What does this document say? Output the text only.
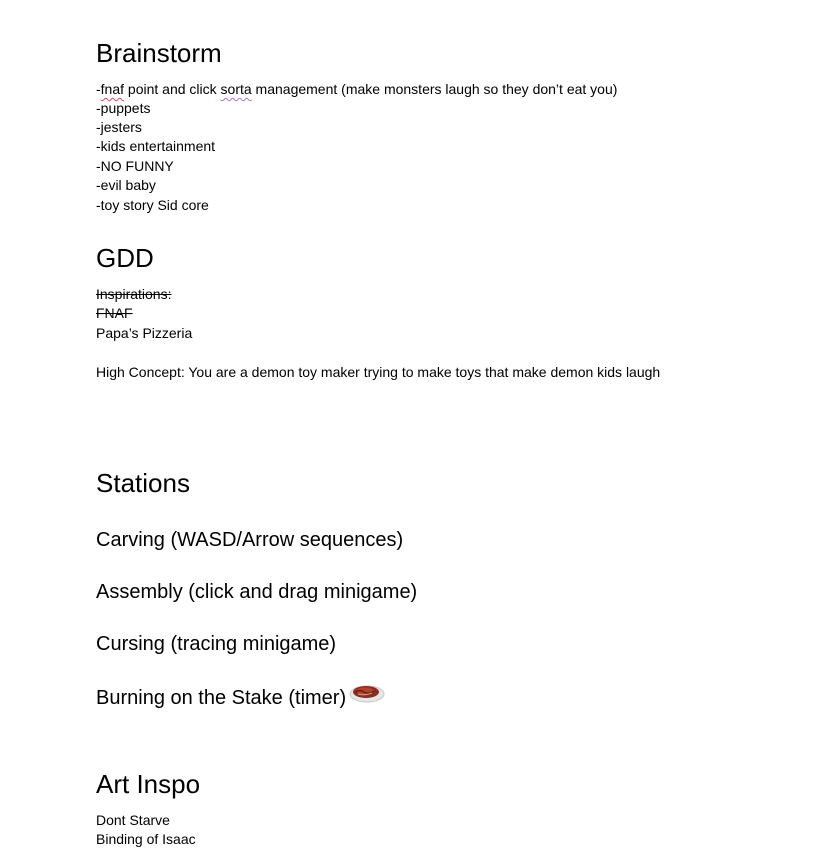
Brainstorm
-fnaf point and click sorta management (make monsters laugh so they don’t eat you)
-puppets
-jesters
-kids entertainment
-NO FUNNY
-evil baby
-toy story Sid core
GDD
Inspirations:
FNAF
Papa’s Pizzeria
High Concept: You are a demon toy maker trying to make toys that make demon kids laugh
Stations
Carving (WASD/Arrow sequences)
Assembly (click and drag minigame)
Cursing (tracing minigame)
Burning on the Stake (timer)
Art Inspo
Dont Starve
Binding of Isaac
